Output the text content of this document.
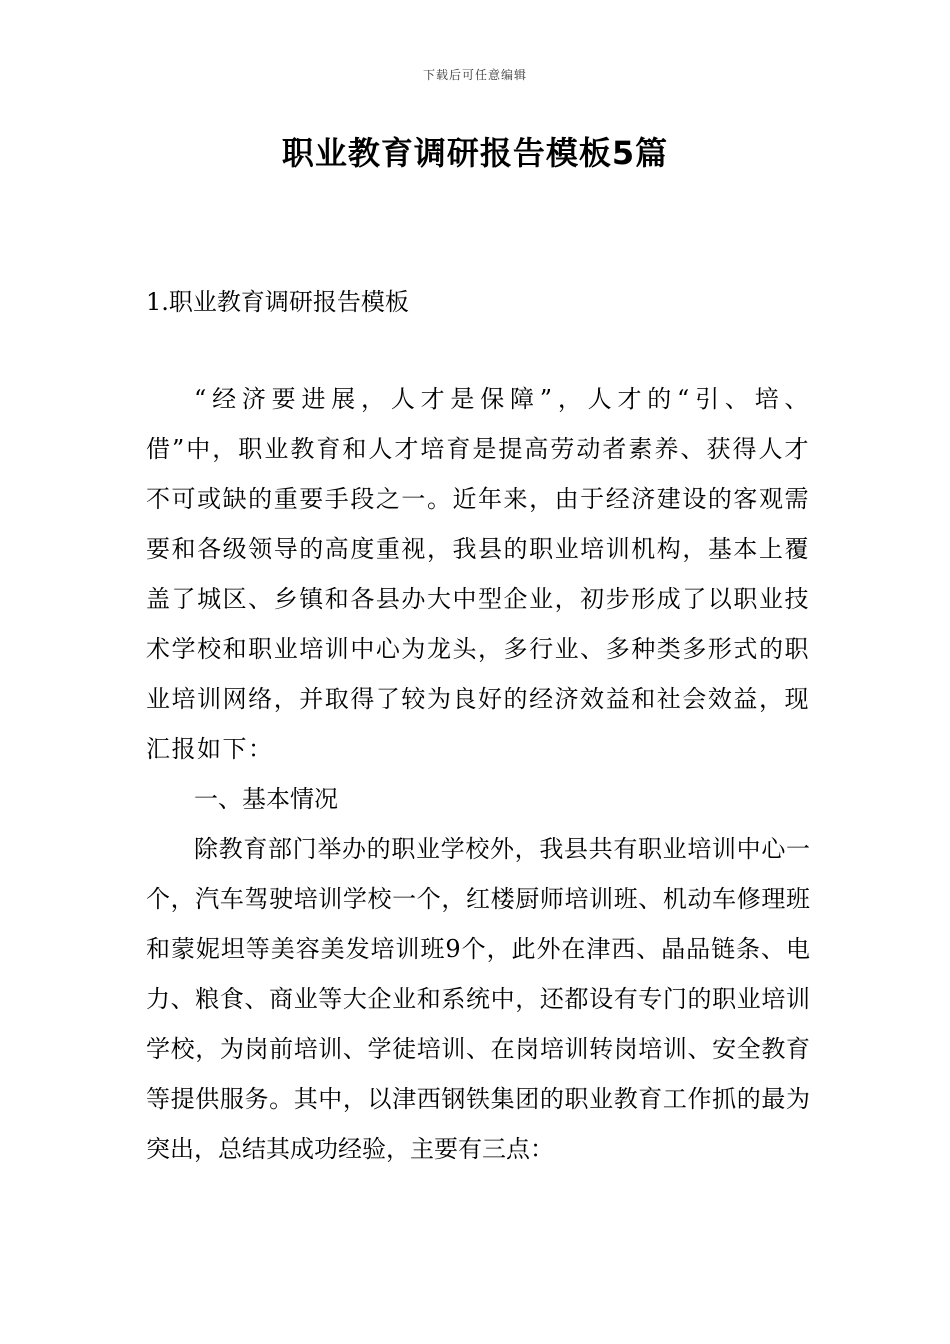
下载后可任意编辑
职业教育调研报告模板5篇
1.职业教育调研报告模板

“经济要进展，人才是保障”，人才的“引、培、借”中，职业教育和人才培育是提高劳动者素养、获得人才不可或缺的重要手段之一。近年来，由于经济建设的客观需要和各级领导的高度重视，我县的职业培训机构，基本上覆盖了城区、乡镇和各县办大中型企业，初步形成了以职业技术学校和职业培训中心为龙头，多行业、多种类多形式的职业培训网络，并取得了较为良好的经济效益和社会效益，现汇报如下：

一、基本情况

除教育部门举办的职业学校外，我县共有职业培训中心一个，汽车驾驶培训学校一个，红楼厨师培训班、机动车修理班和蒙妮坦等美容美发培训班9个，此外在津西、晶品链条、电力、粮食、商业等大企业和系统中，还都设有专门的职业培训学校，为岗前培训、学徒培训、在岗培训转岗培训、安全教育等提供服务。其中，以津西钢铁集团的职业教育工作抓的最为突出，总结其成功经验，主要有三点：
